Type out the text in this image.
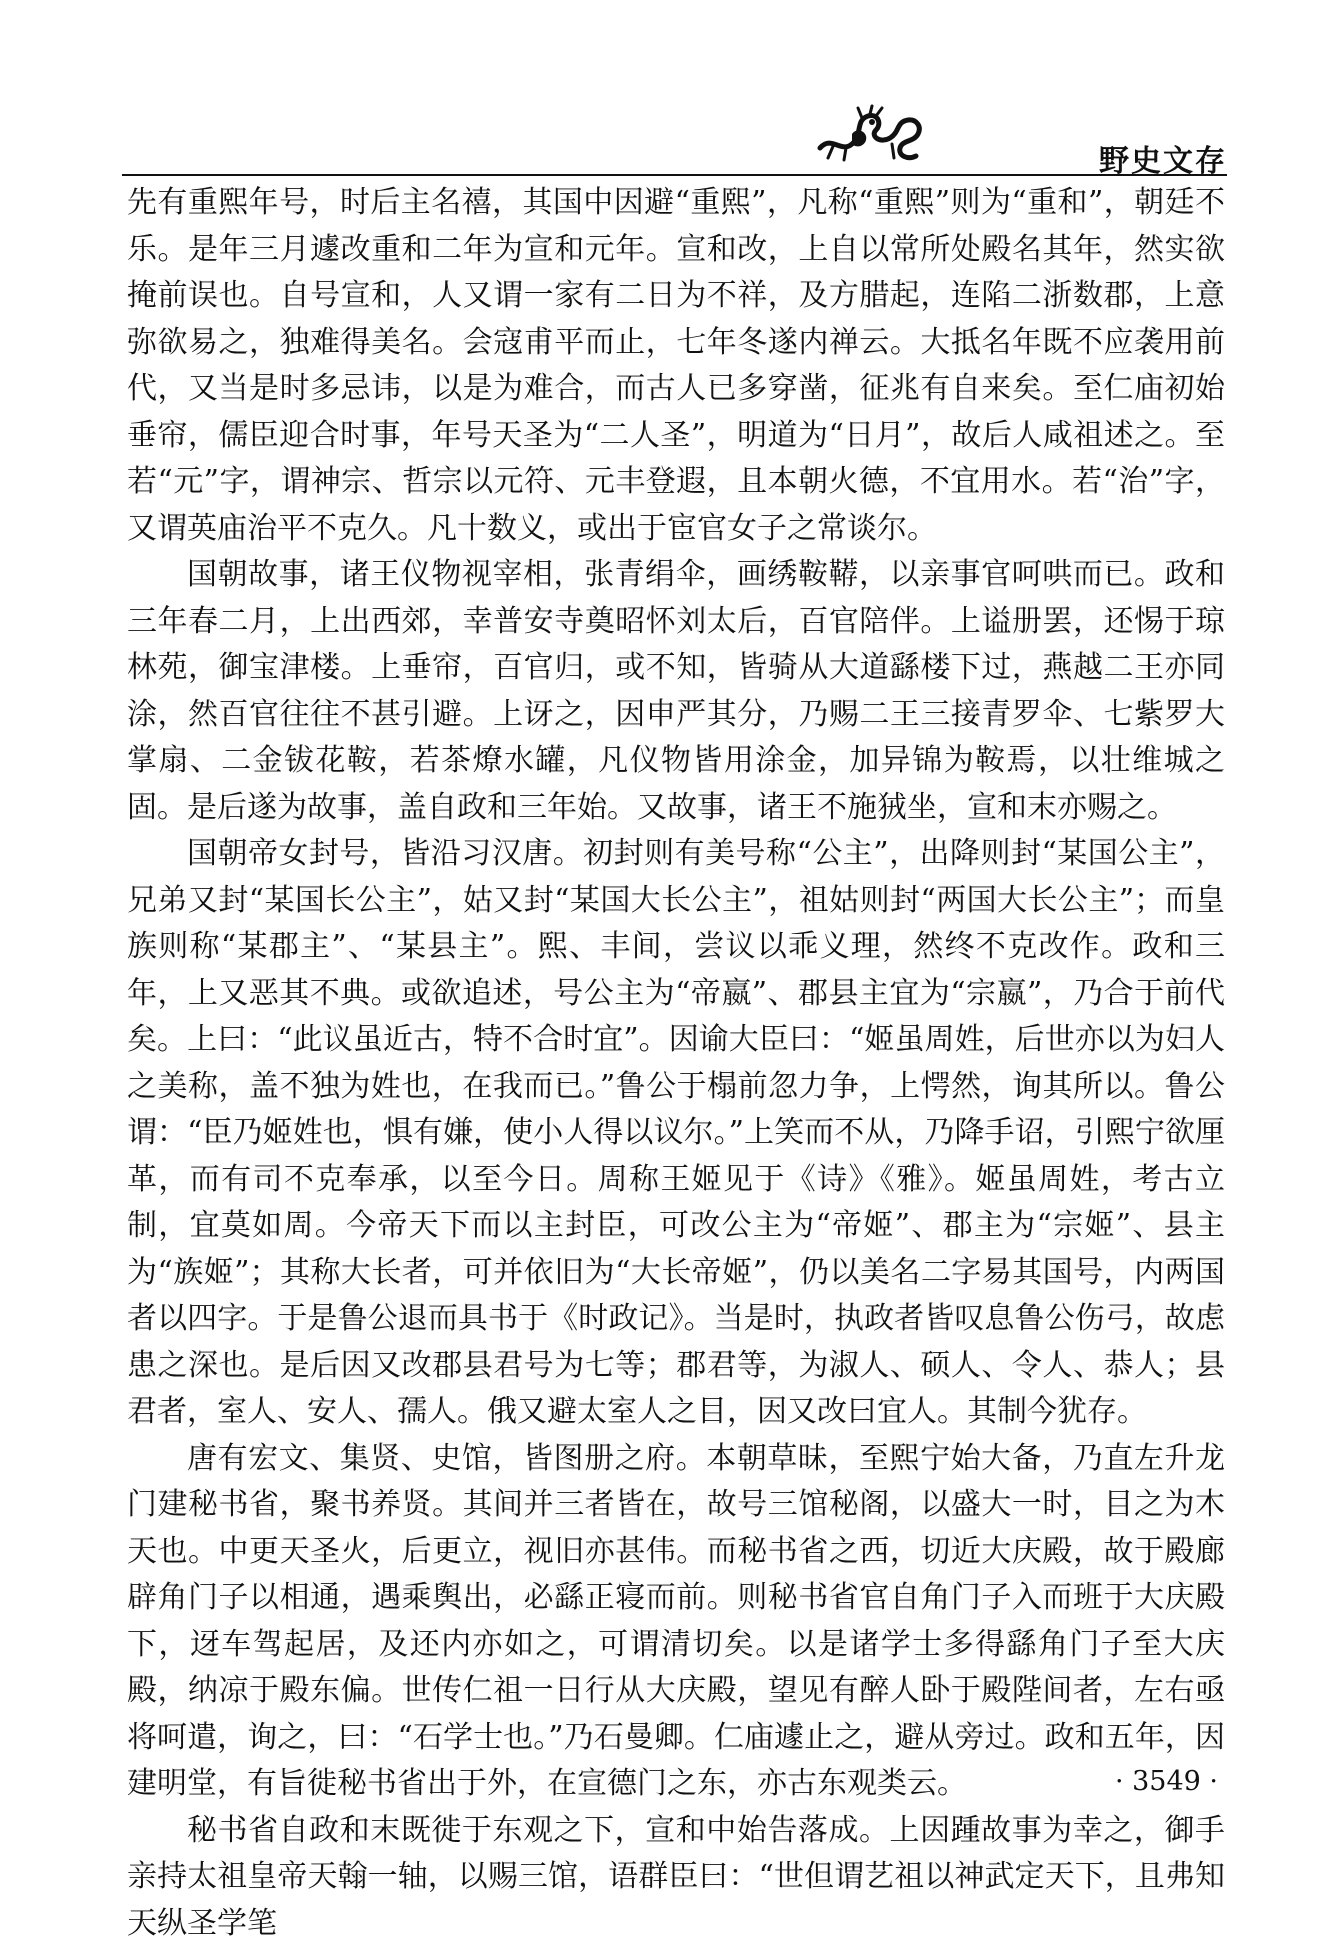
野史文存

先有重熙年号，时后主名禧，其国中因避“重熙”，凡称“重熙”则为“重和”，朝廷不乐。是年三月遽改重和二年为宣和元年。宣和改，上自以常所处殿名其年，然实欲掩前误也。自号宣和，人又谓一家有二日为不祥，及方腊起，连陷二浙数郡，上意弥欲易之，独难得美名。会寇甫平而止，七年冬遂内禅云。大抵名年既不应袭用前代，又当是时多忌讳，以是为难合，而古人已多穿凿，征兆有自来矣。至仁庙初始垂帘，儒臣迎合时事，年号天圣为“二人圣”，明道为“日月”，故后人咸祖述之。至若“元”字，谓神宗、哲宗以元符、元丰登遐，且本朝火德，不宜用水。若“治”字，又谓英庙治平不克久。凡十数义，或出于宦官女子之常谈尔。

国朝故事，诸王仪物视宰相，张青绢伞，画绣鞍鞯，以亲事官呵哄而已。政和三年春二月，上出西郊，幸普安寺奠昭怀刘太后，百官陪伴。上谥册罢，还惕于琼林苑，御宝津楼。上垂帘，百官归，或不知，皆骑从大道繇楼下过，燕越二王亦同涂，然百官往往不甚引避。上讶之，因申严其分，乃赐二王三接青罗伞、七紫罗大掌扇、二金钹花鞍，若茶燎水罐，凡仪物皆用涂金，加异锦为鞍焉，以壮维城之固。是后遂为故事，盖自政和三年始。又故事，诸王不施狨坐，宣和末亦赐之。

国朝帝女封号，皆沿习汉唐。初封则有美号称“公主”，出降则封“某国公主”，兄弟又封“某国长公主”，姑又封“某国大长公主”，祖姑则封“两国大长公主”；而皇族则称“某郡主”、“某县主”。熙、丰间，尝议以乖义理，然终不克改作。政和三年，上又恶其不典。或欲追述，号公主为“帝嬴”、郡县主宜为“宗嬴”，乃合于前代矣。上曰：“此议虽近古，特不合时宜”。因谕大臣曰：“姬虽周姓，后世亦以为妇人之美称，盖不独为姓也，在我而已。”鲁公于榻前忽力争，上愕然，询其所以。鲁公谓：“臣乃姬姓也，惧有嫌，使小人得以议尔。”上笑而不从，乃降手诏，引熙宁欲厘革，而有司不克奉承，以至今日。周称王姬见于《诗》《雅》。姬虽周姓，考古立制，宜莫如周。今帝天下而以主封臣，可改公主为“帝姬”、郡主为“宗姬”、县主为“族姬”；其称大长者，可并依旧为“大长帝姬”，仍以美名二字易其国号，内两国者以四字。于是鲁公退而具书于《时政记》。当是时，执政者皆叹息鲁公伤弓，故虑患之深也。是后因又改郡县君号为七等；郡君等，为淑人、硕人、令人、恭人；县君者，室人、安人、孺人。俄又避太室人之目，因又改曰宜人。其制今犹存。

唐有宏文、集贤、史馆，皆图册之府。本朝草昧，至熙宁始大备，乃直左升龙门建秘书省，聚书养贤。其间并三者皆在，故号三馆秘阁，以盛大一时，目之为木天也。中更天圣火，后更立，视旧亦甚伟。而秘书省之西，切近大庆殿，故于殿廊辟角门子以相通，遇乘舆出，必繇正寝而前。则秘书省官自角门子入而班于大庆殿下，迓车驾起居，及还内亦如之，可谓清切矣。以是诸学士多得繇角门子至大庆殿，纳凉于殿东偏。世传仁祖一日行从大庆殿，望见有醉人卧于殿陛间者，左右亟将呵遣，询之，曰：“石学士也。”乃石曼卿。仁庙遽止之，避从旁过。政和五年，因建明堂，有旨徙秘书省出于外，在宣德门之东，亦古东观类云。

秘书省自政和末既徙于东观之下，宣和中始告落成。上因踵故事为幸之，御手亲持太祖皇帝天翰一轴，以赐三馆，语群臣曰：“世但谓艺祖以神武定天下，且弗知天纵圣学笔

· 3549 ·
